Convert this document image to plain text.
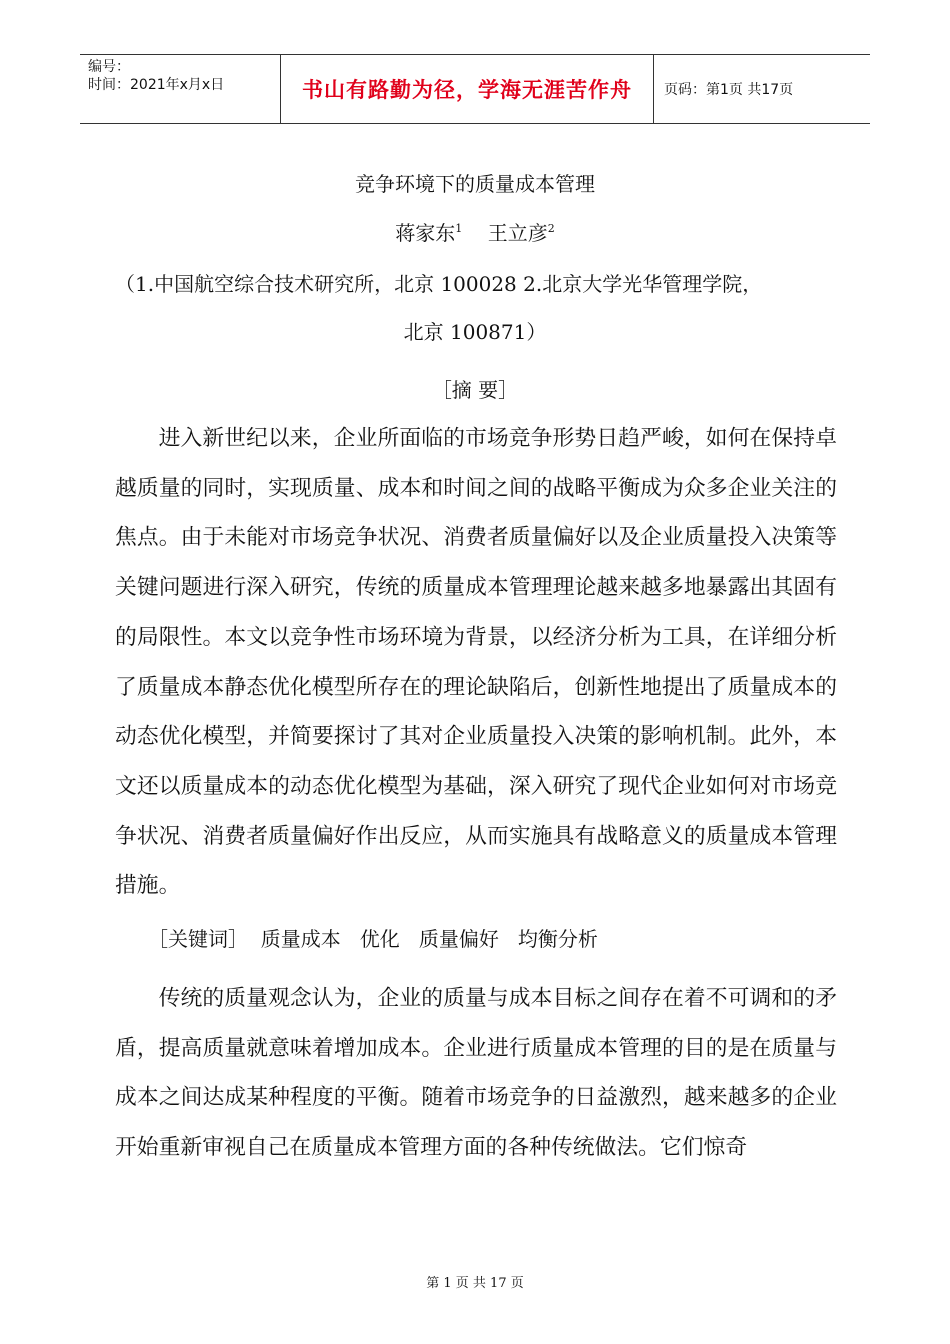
编号：
时间：2021年x月x日	书山有路勤为径，学海无涯苦作舟	页码：第1页 共17页
竞争环境下的质量成本管理
蒋家东$^1$ 王立彦$^2$
（1.中国航空综合技术研究所，北京 100028 2.北京大学光华管理学院，
北京 100871）
［摘 要］

进入新世纪以来，企业所面临的市场竞争形势日趋严峻，如何在保持卓越质量的同时，实现质量、成本和时间之间的战略平衡成为众多企业关注的焦点。由于未能对市场竞争状况、消费者质量偏好以及企业质量投入决策等关键问题进行深入研究，传统的质量成本管理理论越来越多地暴露出其固有的局限性。本文以竞争性市场环境为背景，以经济分析为工具，在详细分析了质量成本静态优化模型所存在的理论缺陷后，创新性地提出了质量成本的动态优化模型，并简要探讨了其对企业质量投入决策的影响机制。此外，本文还以质量成本的动态优化模型为基础，深入研究了现代企业如何对市场竞争状况、消费者质量偏好作出反应，从而实施具有战略意义的质量成本管理措施。

［关键词］  质量成本   优化   质量偏好   均衡分析

传统的质量观念认为，企业的质量与成本目标之间存在着不可调和的矛盾，提高质量就意味着增加成本。企业进行质量成本管理的目的是在质量与成本之间达成某种程度的平衡。随着市场竞争的日益激烈，越来越多的企业开始重新审视自己在质量成本管理方面的各种传统做法。它们惊奇

第 1 页 共 17 页
